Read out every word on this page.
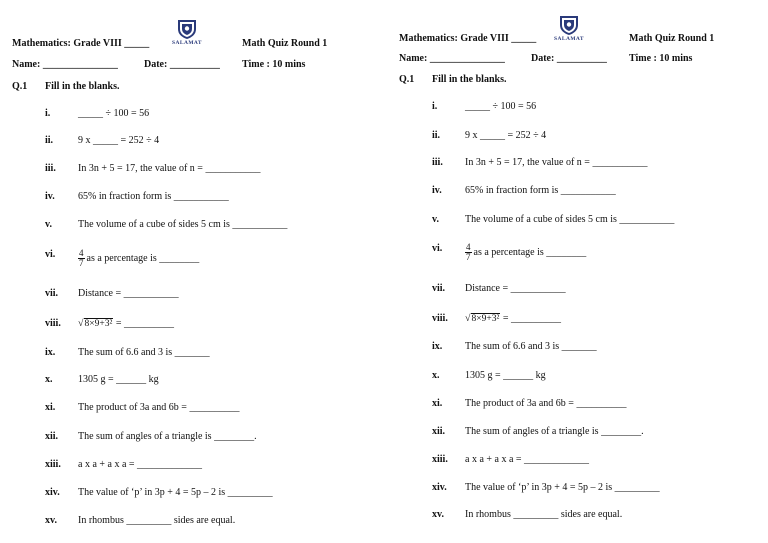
Mathematics: Grade VIII _____	SALAMAT	Math Quiz Round 1
Name: _______________	Date: __________ Time : 10 mins
Q.1 Fill in the blanks.
i.	_____ ÷ 100 = 56
ii. 9 x _____ = 252 ÷ 4
iii. In 3n + 5 = 17, the value of n = ___________
iv. 65% in fraction form is ___________
v.	The volume of a cube of sides 5 cm is ___________
vi.	$\frac{4}{7}$ as a percentage is ________
vii. Distance = ___________
viii. √8×9+3² = __________
ix. The sum of 6.6 and 3 is _______
x.	1305 g = ______ kg
xi. The product of 3a and 6b = __________
xii. The sum of angles of a triangle is ________.
xiii. a x a + a x a = _____________
xiv. The value of ‘p’ in 3p + 4 = 5p – 2 is _________
xv. In rhombus _________ sides are equal.
Mathematics: Grade VIII _____	SALAMAT	Math Quiz Round 1
Name: _______________	Date: __________ Time : 10 mins
Q.1 Fill in the blanks.
i.	_____ ÷ 100 = 56
ii. 9 x _____ = 252 ÷ 4
iii. In 3n + 5 = 17, the value of n = ___________
iv. 65% in fraction form is ___________
v.	The volume of a cube of sides 5 cm is ___________
vi.	$\frac{4}{7}$ as a percentage is ________
vii. Distance = ___________
viii. √8×9+3² = __________
ix. The sum of 6.6 and 3 is _______
x.	1305 g = ______ kg
xi. The product of 3a and 6b = __________
xii. The sum of angles of a triangle is ________.
xiii. a x a + a x a = _____________
xiv. The value of ‘p’ in 3p + 4 = 5p – 2 is _________
xv. In rhombus _________ sides are equal.
